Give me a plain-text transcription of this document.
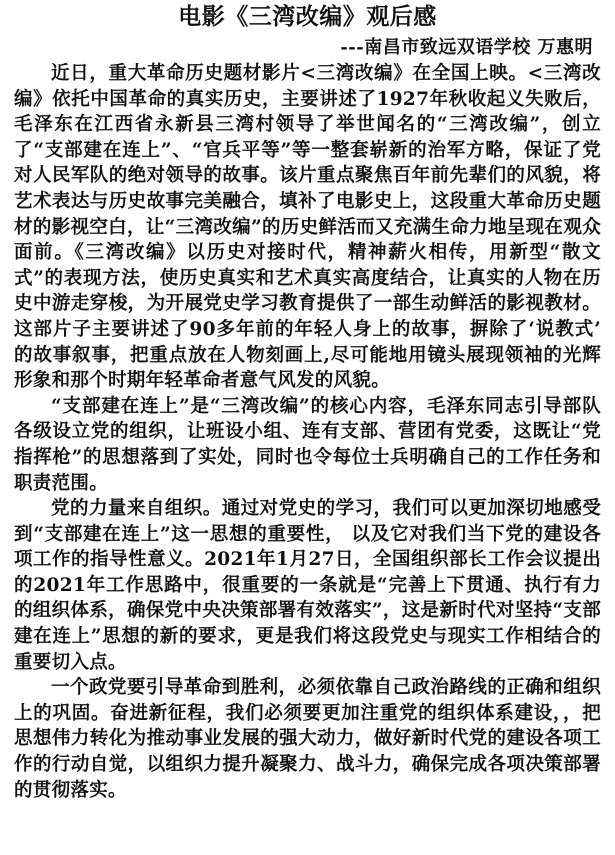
电影《三湾改编》观后感
---南昌市致远双语学校 万惠明

近日，重大革命历史题材影片<三湾改编》在全国上映。<三湾改编》依托中国革命的真实历史，主要讲述了1927年秋收起义失败后，毛泽东在江西省永新县三湾村领导了举世闻名的“三湾改编”，创立了“支部建在连上”、“官兵平等”等一整套崭新的治军方略，保证了党对人民军队的绝对领导的故事。该片重点聚焦百年前先辈们的风貌，将艺术表达与历史故事完美融合，填补了电影史上，这段重大革命历史题材的影视空白，让“三湾改编”的历史鲜活而又充满生命力地呈现在观众面前。《三湾改编》以历史对接时代，精神薪火相传，用新型“散文式”的表现方法，使历史真实和艺术真实高度结合，让真实的人物在历史中游走穿梭，为开展党史学习教育提供了一部生动鲜活的影视教材。这部片子主要讲述了90多年前的年轻人身上的故事，摒除了‘说教式’ 的故事叙事，把重点放在人物刻画上,尽可能地用镜头展现领袖的光辉形象和那个时期年轻革命者意气风发的风貌。

“支部建在连上”是“三湾改编”的核心内容，毛泽东同志引导部队各级设立党的组织，让班设小组、连有支部、营团有党委，这既让“党指挥枪”的思想落到了实处，同时也令每位士兵明确自己的工作任务和职责范围。

党的力量来自组织。通过对党史的学习，我们可以更加深切地感受到“支部建在连上”这一思想的重要性， 以及它对我们当下党的建设各项工作的指导性意义。2021年1月27日，全国组织部长工作会议提出的2021年工作思路中，很重要的一条就是“完善上下贯通、执行有力的组织体系，确保党中央决策部署有效落实”，这是新时代对坚持“支部建在连上”思想的新的要求，更是我们将这段党史与现实工作相结合的重要切入点。

一个政党要引导革命到胜利，必须依靠自己政治路线的正确和组织上的巩固。奋进新征程，我们必须要更加注重党的组织体系建设，，把思想伟力转化为推动事业发展的强大动力，做好新时代党的建设各项工作的行动自觉，以组织力提升凝聚力、战斗力，确保完成各项决策部署的贯彻落实。
